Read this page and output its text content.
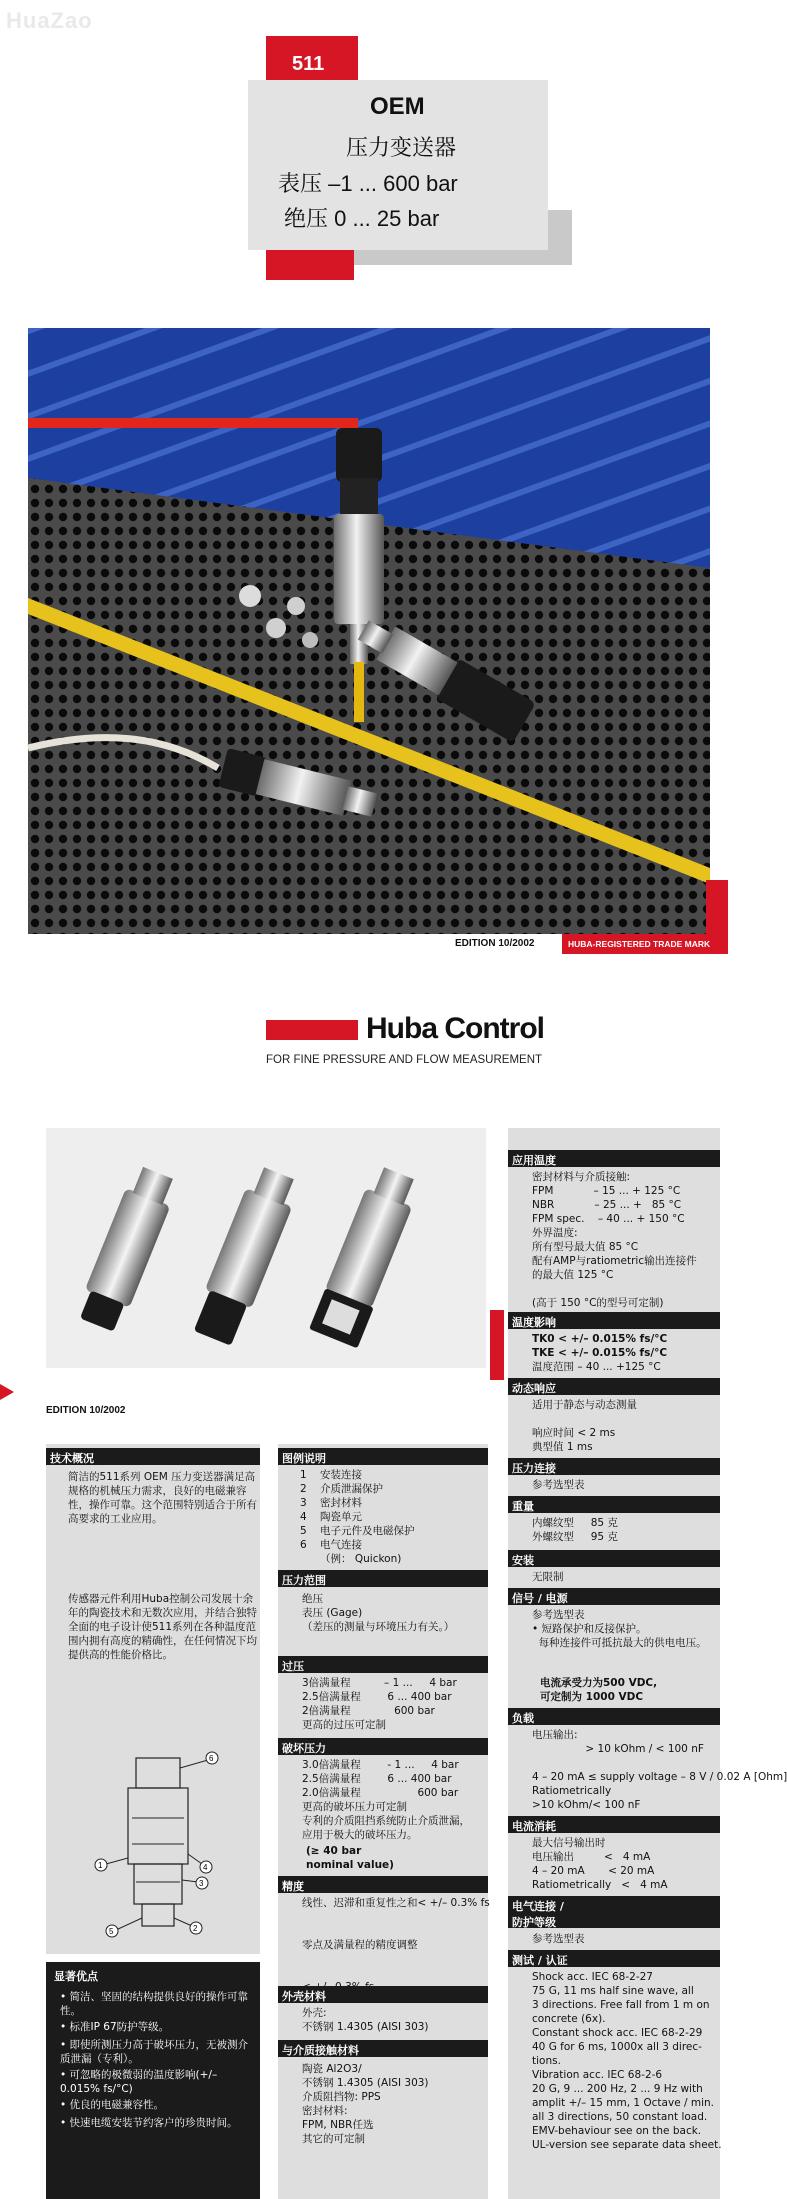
HuaZao
511
OEM
压力变送器
表压 –1 ... 600 bar
绝压 0 ... 25 bar
EDITION 10/2002	HUBA-REGISTERED TRADE MARK
Huba Control
FOR FINE PRESSURE AND FLOW MEASUREMENT
EDITION 10/2002
技术概况
简洁的511系列 OEM 压力变送器满足高规格的机械压力需求，良好的电磁兼容性，操作可靠。这个范围特别适合于所有高要求的工业应用。
传感器元件利用Huba控制公司发展十余年的陶瓷技术和无数次应用，并结合独特全面的电子设计使511系列在各种温度范围内拥有高度的精确性，在任何情况下均提供高的性能价格比。
6
1	4
3
2
5
显著优点
• 简洁、坚固的结构提供良好的操作可靠性。
• 标准IP 67防护等级。
• 即使所测压力高于破坏压力，无被测介质泄漏（专利）。
• 可忽略的极微弱的温度影响(+/– 0.015% fs/°C)
• 优良的电磁兼容性。
• 快速电缆安装节约客户的珍贵时间。
图例说明
1    安装连接
2    介质泄漏保护
3    密封材料
4    陶瓷单元
5    电子元件及电磁保护
6    电气连接
（例： Quickon)
压力范围
绝压
表压 (Gage)
（差压的测量与环境压力有关。）
过压
3倍满量程          – 1 ...     4 bar
2.5倍满量程        6 ... 400 bar
2倍满量程             600 bar
更高的过压可定制
破坏压力
3.0倍满量程        - 1 ...     4 bar
2.5倍满量程        6 ... 400 bar
2.0倍满量程                 600 bar
更高的破坏压力可定制
专利的介质阻挡系统防止介质泄漏，
应用于极大的破坏压力。
(≥ 40 bar
nominal value)
精度
线性、迟滞和重复性之和< +/– 0.3% fs

零点及满量程的精度调整

外壳材料
外壳:
不锈钢 1.4305 (AISI 303)
与介质接触材料
陶瓷 Al2O3/
不锈钢 1.4305 (AISI 303)
介质阻挡物: PPS
密封材料:
FPM, NBR任选
其它的可定制
应用温度
密封材料与介质接触:
FPM            – 15 ... + 125 °C
NBR            – 25 ... +   85 °C
FPM spec.    – 40 ... + 150 °C
外界温度:
所有型号最大值 85 °C
配有AMP与ratiometric输出连接件
的最大值 125 °C

(高于 150 °C的型号可定制)
温度影响
TK0 < +/– 0.015% fs/°C
TKE < +/– 0.015% fs/°C
温度范围 – 40 ... +125 °C
动态响应
适用于静态与动态测量

响应时间 < 2 ms
典型值 1 ms
压力连接
参考选型表
重量
内螺纹型     85 克
外螺纹型     95 克
安装
无限制
信号 / 电源
参考选型表
• 短路保护和反接保护。
每种连接件可抵抗最大的供电电压。
电流承受力为500 VDC,
可定制为 1000 VDC
负载
电压输出:
> 10 kOhm / < 100 nF

4 – 20 mA ≤ supply voltage – 8 V / 0.02 A [Ohm]
Ratiometrically
>10 kOhm/< 100 nF
电流消耗
最大信号输出时
电压输出         <   4 mA
4 – 20 mA       < 20 mA
Ratiometrically   <   4 mA
电气连接 /
防护等级
参考选型表
测试 / 认证
Shock acc. IEC 68-2-27
75 G, 11 ms half sine wave, all
3 directions. Free fall from 1 m on
concrete (6x).
Constant shock acc. IEC 68-2-29
40 G for 6 ms, 1000x all 3 direc-
tions.
Vibration acc. IEC 68-2-6
20 G, 9 ... 200 Hz, 2 ... 9 Hz with
amplit +/– 15 mm, 1 Octave / min.
all 3 directions, 50 constant load.
EMV-behaviour see on the back.
UL-version see separate data sheet.
